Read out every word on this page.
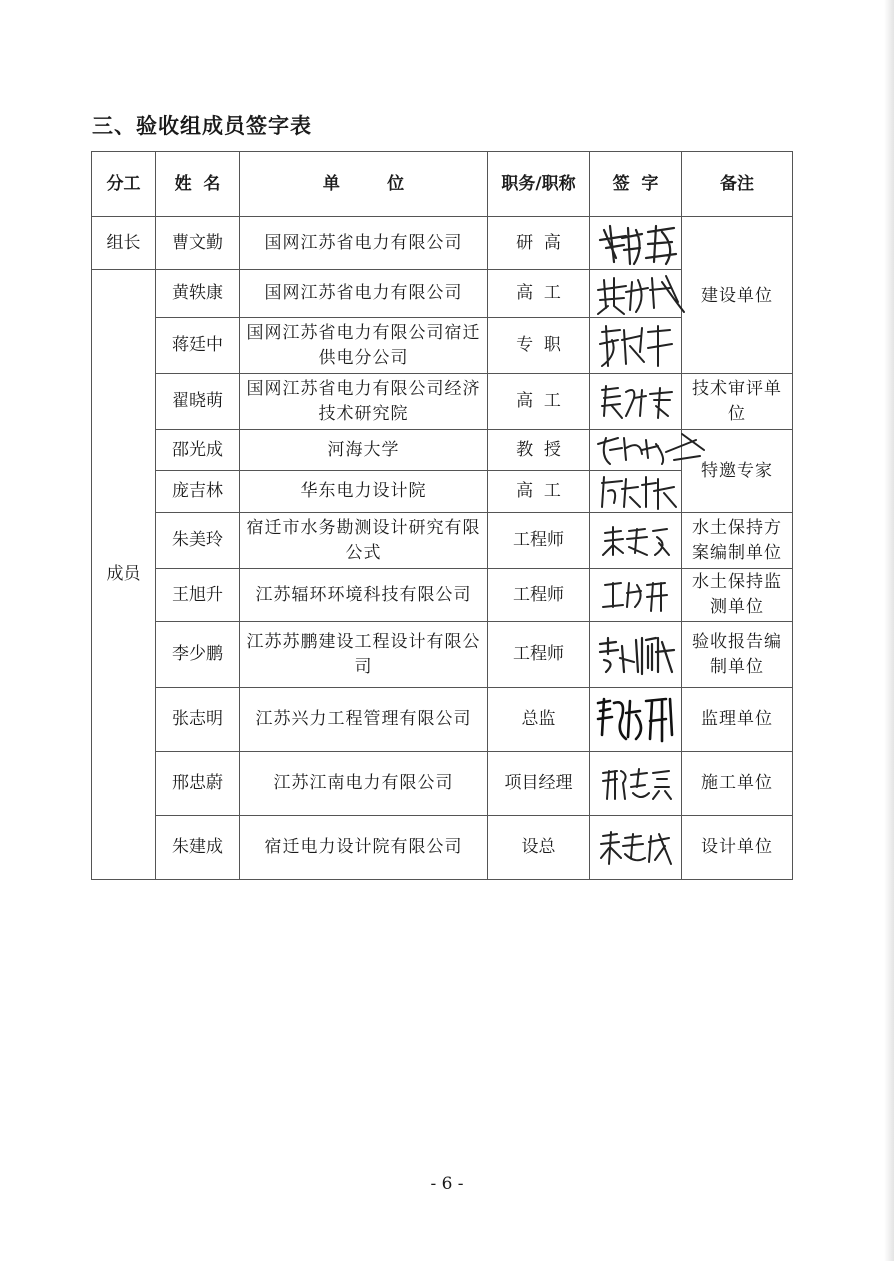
三、验收组成员签字表
分工	姓  名	单        位	职务/职称	签  字	备注
组长	曹文勤	国网江苏省电力有限公司	研  高	

成员	黄轶康	国网江苏省电力有限公司	高  工		建设单位
	蒋廷中	国网江苏省电力有限公司宿迁供电分公司	专  职	

	翟晓萌	国网江苏省电力有限公司经济技术研究院	高  工		技术审评单位
	邵光成	河海大学	教  授		特邀专家
	庞吉林	华东电力设计院	高  工	

	朱美玲	宿迁市水务勘测设计研究有限公式	工程师		水土保持方案编制单位
	王旭升	江苏辐环环境科技有限公司	工程师		水土保持监测单位
	李少鹏	江苏苏鹏建设工程设计有限公司	工程师		验收报告编制单位
	张志明	江苏兴力工程管理有限公司	总监		监理单位
	邢忠蔚	江苏江南电力有限公司	项目经理		施工单位
	朱建成	宿迁电力设计院有限公司	设总		设计单位
- 6 -
